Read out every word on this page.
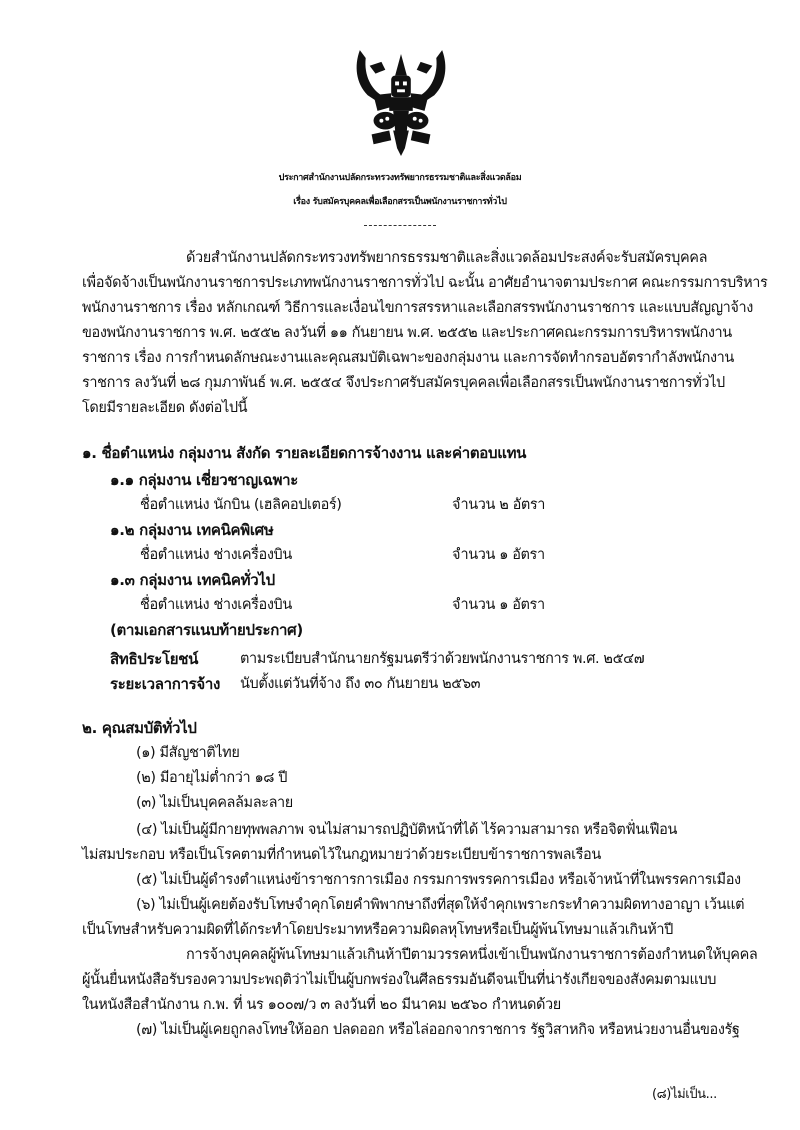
ประกาศสำนักงานปลัดกระทรวงทรัพยากรธรรมชาติและสิ่งแวดล้อม
เรื่อง รับสมัครบุคคลเพื่อเลือกสรรเป็นพนักงานราชการทั่วไป
ด้วยสำนักงานปลัดกระทรวงทรัพยากรธรรมชาติและสิ่งแวดล้อมประสงค์จะรับสมัครบุคคล
เพื่อจัดจ้างเป็นพนักงานราชการประเภทพนักงานราชการทั่วไป ฉะนั้น อาศัยอำนาจตามประกาศ คณะกรรมการบริหาร
พนักงานราชการ เรื่อง หลักเกณฑ์ วิธีการและเงื่อนไขการสรรหาและเลือกสรรพนักงานราชการ และแบบสัญญาจ้าง
ของพนักงานราชการ พ.ศ. ๒๕๕๒ ลงวันที่ ๑๑ กันยายน พ.ศ. ๒๕๕๒ และประกาศคณะกรรมการบริหารพนักงาน
ราชการ เรื่อง การกำหนดลักษณะงานและคุณสมบัติเฉพาะของกลุ่มงาน และการจัดทำกรอบอัตรากำลังพนักงาน
ราชการ ลงวันที่ ๒๘ กุมภาพันธ์ พ.ศ. ๒๕๕๔ จึงประกาศรับสมัครบุคคลเพื่อเลือกสรรเป็นพนักงานราชการทั่วไป
โดยมีรายละเอียด ดังต่อไปนี้
๑. ชื่อตำแหน่ง กลุ่มงาน สังกัด รายละเอียดการจ้างงาน และค่าตอบแทน
๑.๑ กลุ่มงาน เชี่ยวชาญเฉพาะ
ชื่อตำแหน่ง นักบิน (เฮลิคอปเตอร์)	จำนวน ๒ อัตรา
๑.๒ กลุ่มงาน เทคนิคพิเศษ
ชื่อตำแหน่ง ช่างเครื่องบิน	จำนวน ๑ อัตรา
๑.๓ กลุ่มงาน เทคนิคทั่วไป
ชื่อตำแหน่ง ช่างเครื่องบิน	จำนวน ๑ อัตรา
(ตามเอกสารแนบท้ายประกาศ)
สิทธิประโยชน์	ตามระเบียบสำนักนายกรัฐมนตรีว่าด้วยพนักงานราชการ พ.ศ. ๒๕๔๗
ระยะเวลาการจ้าง นับตั้งแต่วันที่จ้าง ถึง ๓๐ กันยายน ๒๕๖๓
๒. คุณสมบัติทั่วไป
(๑) มีสัญชาติไทย
(๒) มีอายุไม่ต่ำกว่า ๑๘ ปี
(๓) ไม่เป็นบุคคลล้มละลาย
(๔) ไม่เป็นผู้มีกายทุพพลภาพ จนไม่สามารถปฏิบัติหน้าที่ได้ ไร้ความสามารถ หรือจิตฟั่นเฟือน
ไม่สมประกอบ หรือเป็นโรคตามที่กำหนดไว้ในกฎหมายว่าด้วยระเบียบข้าราชการพลเรือน
(๕) ไม่เป็นผู้ดำรงตำแหน่งข้าราชการการเมือง กรรมการพรรคการเมือง หรือเจ้าหน้าที่ในพรรคการเมือง
(๖) ไม่เป็นผู้เคยต้องรับโทษจำคุกโดยคำพิพากษาถึงที่สุดให้จำคุกเพราะกระทำความผิดทางอาญา เว้นแต่
เป็นโทษสำหรับความผิดที่ได้กระทำโดยประมาทหรือความผิดลหุโทษหรือเป็นผู้พ้นโทษมาแล้วเกินห้าปี
การจ้างบุคคลผู้พ้นโทษมาแล้วเกินห้าปีตามวรรคหนึ่งเข้าเป็นพนักงานราชการต้องกำหนดให้บุคคล
ผู้นั้นยื่นหนังสือรับรองความประพฤติว่าไม่เป็นผู้บกพร่องในศีลธรรมอันดีจนเป็นที่น่ารังเกียจของสังคมตามแบบ
ในหนังสือสำนักงาน ก.พ. ที่ นร ๑๐๐๗/ว ๓ ลงวันที่ ๒๐ มีนาคม ๒๕๖๐ กำหนดด้วย
(๗) ไม่เป็นผู้เคยถูกลงโทษให้ออก ปลดออก หรือไล่ออกจากราชการ รัฐวิสาหกิจ หรือหน่วยงานอื่นของรัฐ
(๘)ไม่เป็น...
